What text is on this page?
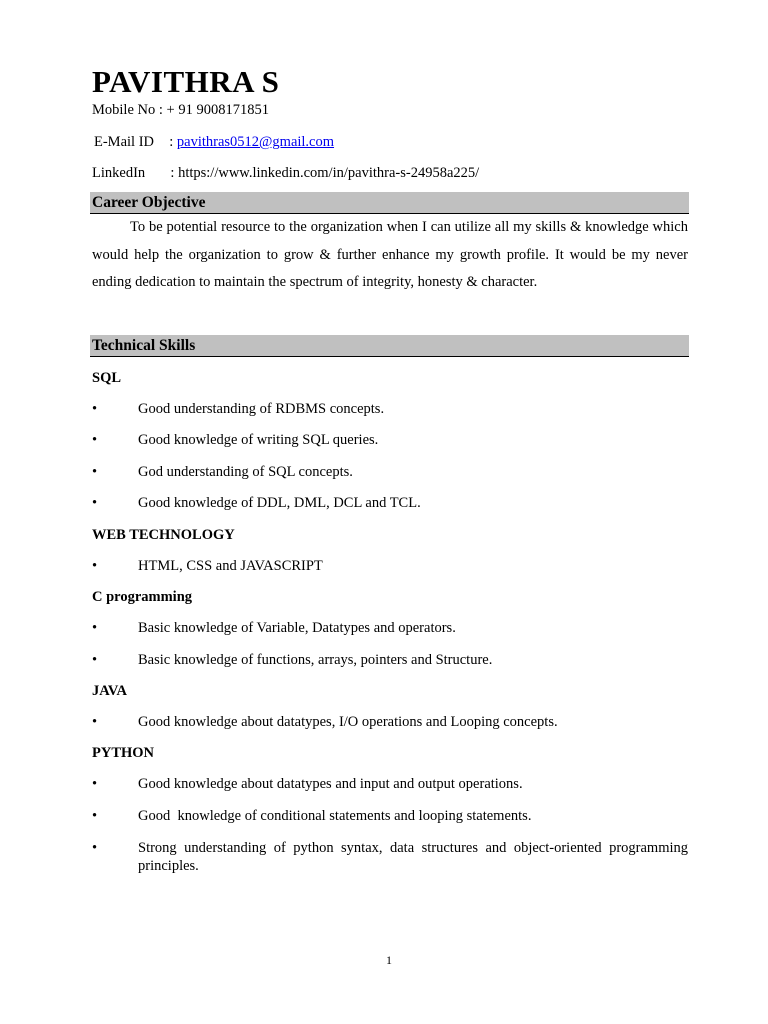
PAVITHRA S
Mobile No : + 91 9008171851
E-Mail ID : pavithras0512@gmail.com
LinkedIn : https://www.linkedin.com/in/pavithra-s-24958a225/
Career Objective
To be potential resource to the organization when I can utilize all my skills & knowledge which would help the organization to grow & further enhance my growth profile. It would be my never ending dedication to maintain the spectrum of integrity, honesty & character.
Technical Skills
SQL
•	Good understanding of RDBMS concepts.
•	Good knowledge of writing SQL queries.
•	God understanding of SQL concepts.
•	Good knowledge of DDL, DML, DCL and TCL.
WEB TECHNOLOGY
•	HTML, CSS and JAVASCRIPT
C programming
•	Basic knowledge of Variable, Datatypes and operators.
•	Basic knowledge of functions, arrays, pointers and Structure.
JAVA
•	Good knowledge about datatypes, I/O operations and Looping concepts.
PYTHON
•	Good knowledge about datatypes and input and output operations.
•	Good  knowledge of conditional statements and looping statements.
•	Strong understanding of python syntax, data structures and object-oriented programming principles.
1
